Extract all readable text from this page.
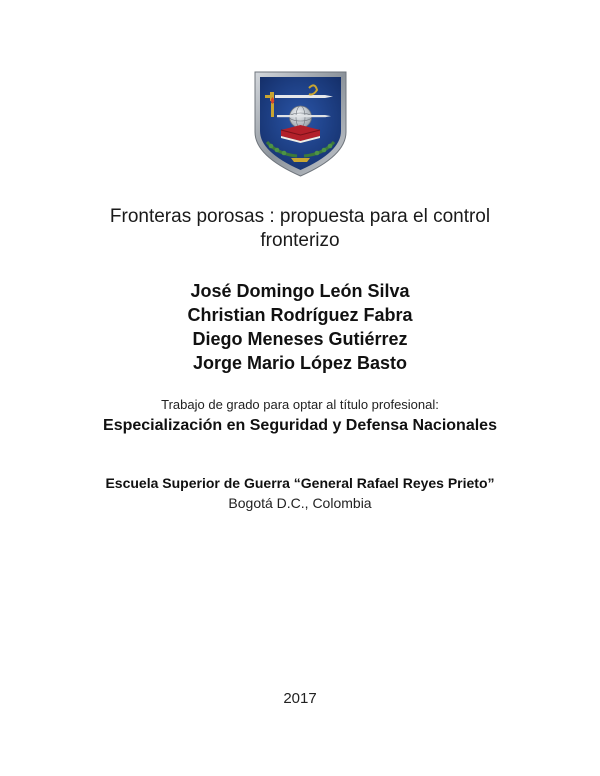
Fronteras porosas : propuesta para el control
fronterizo
José Domingo León Silva
Christian Rodríguez Fabra
Diego Meneses Gutiérrez
Jorge Mario López Basto
Trabajo de grado para optar al título profesional:
Especialización en Seguridad y Defensa Nacionales
Escuela Superior de Guerra “General Rafael Reyes Prieto”
Bogotá D.C., Colombia
2017
